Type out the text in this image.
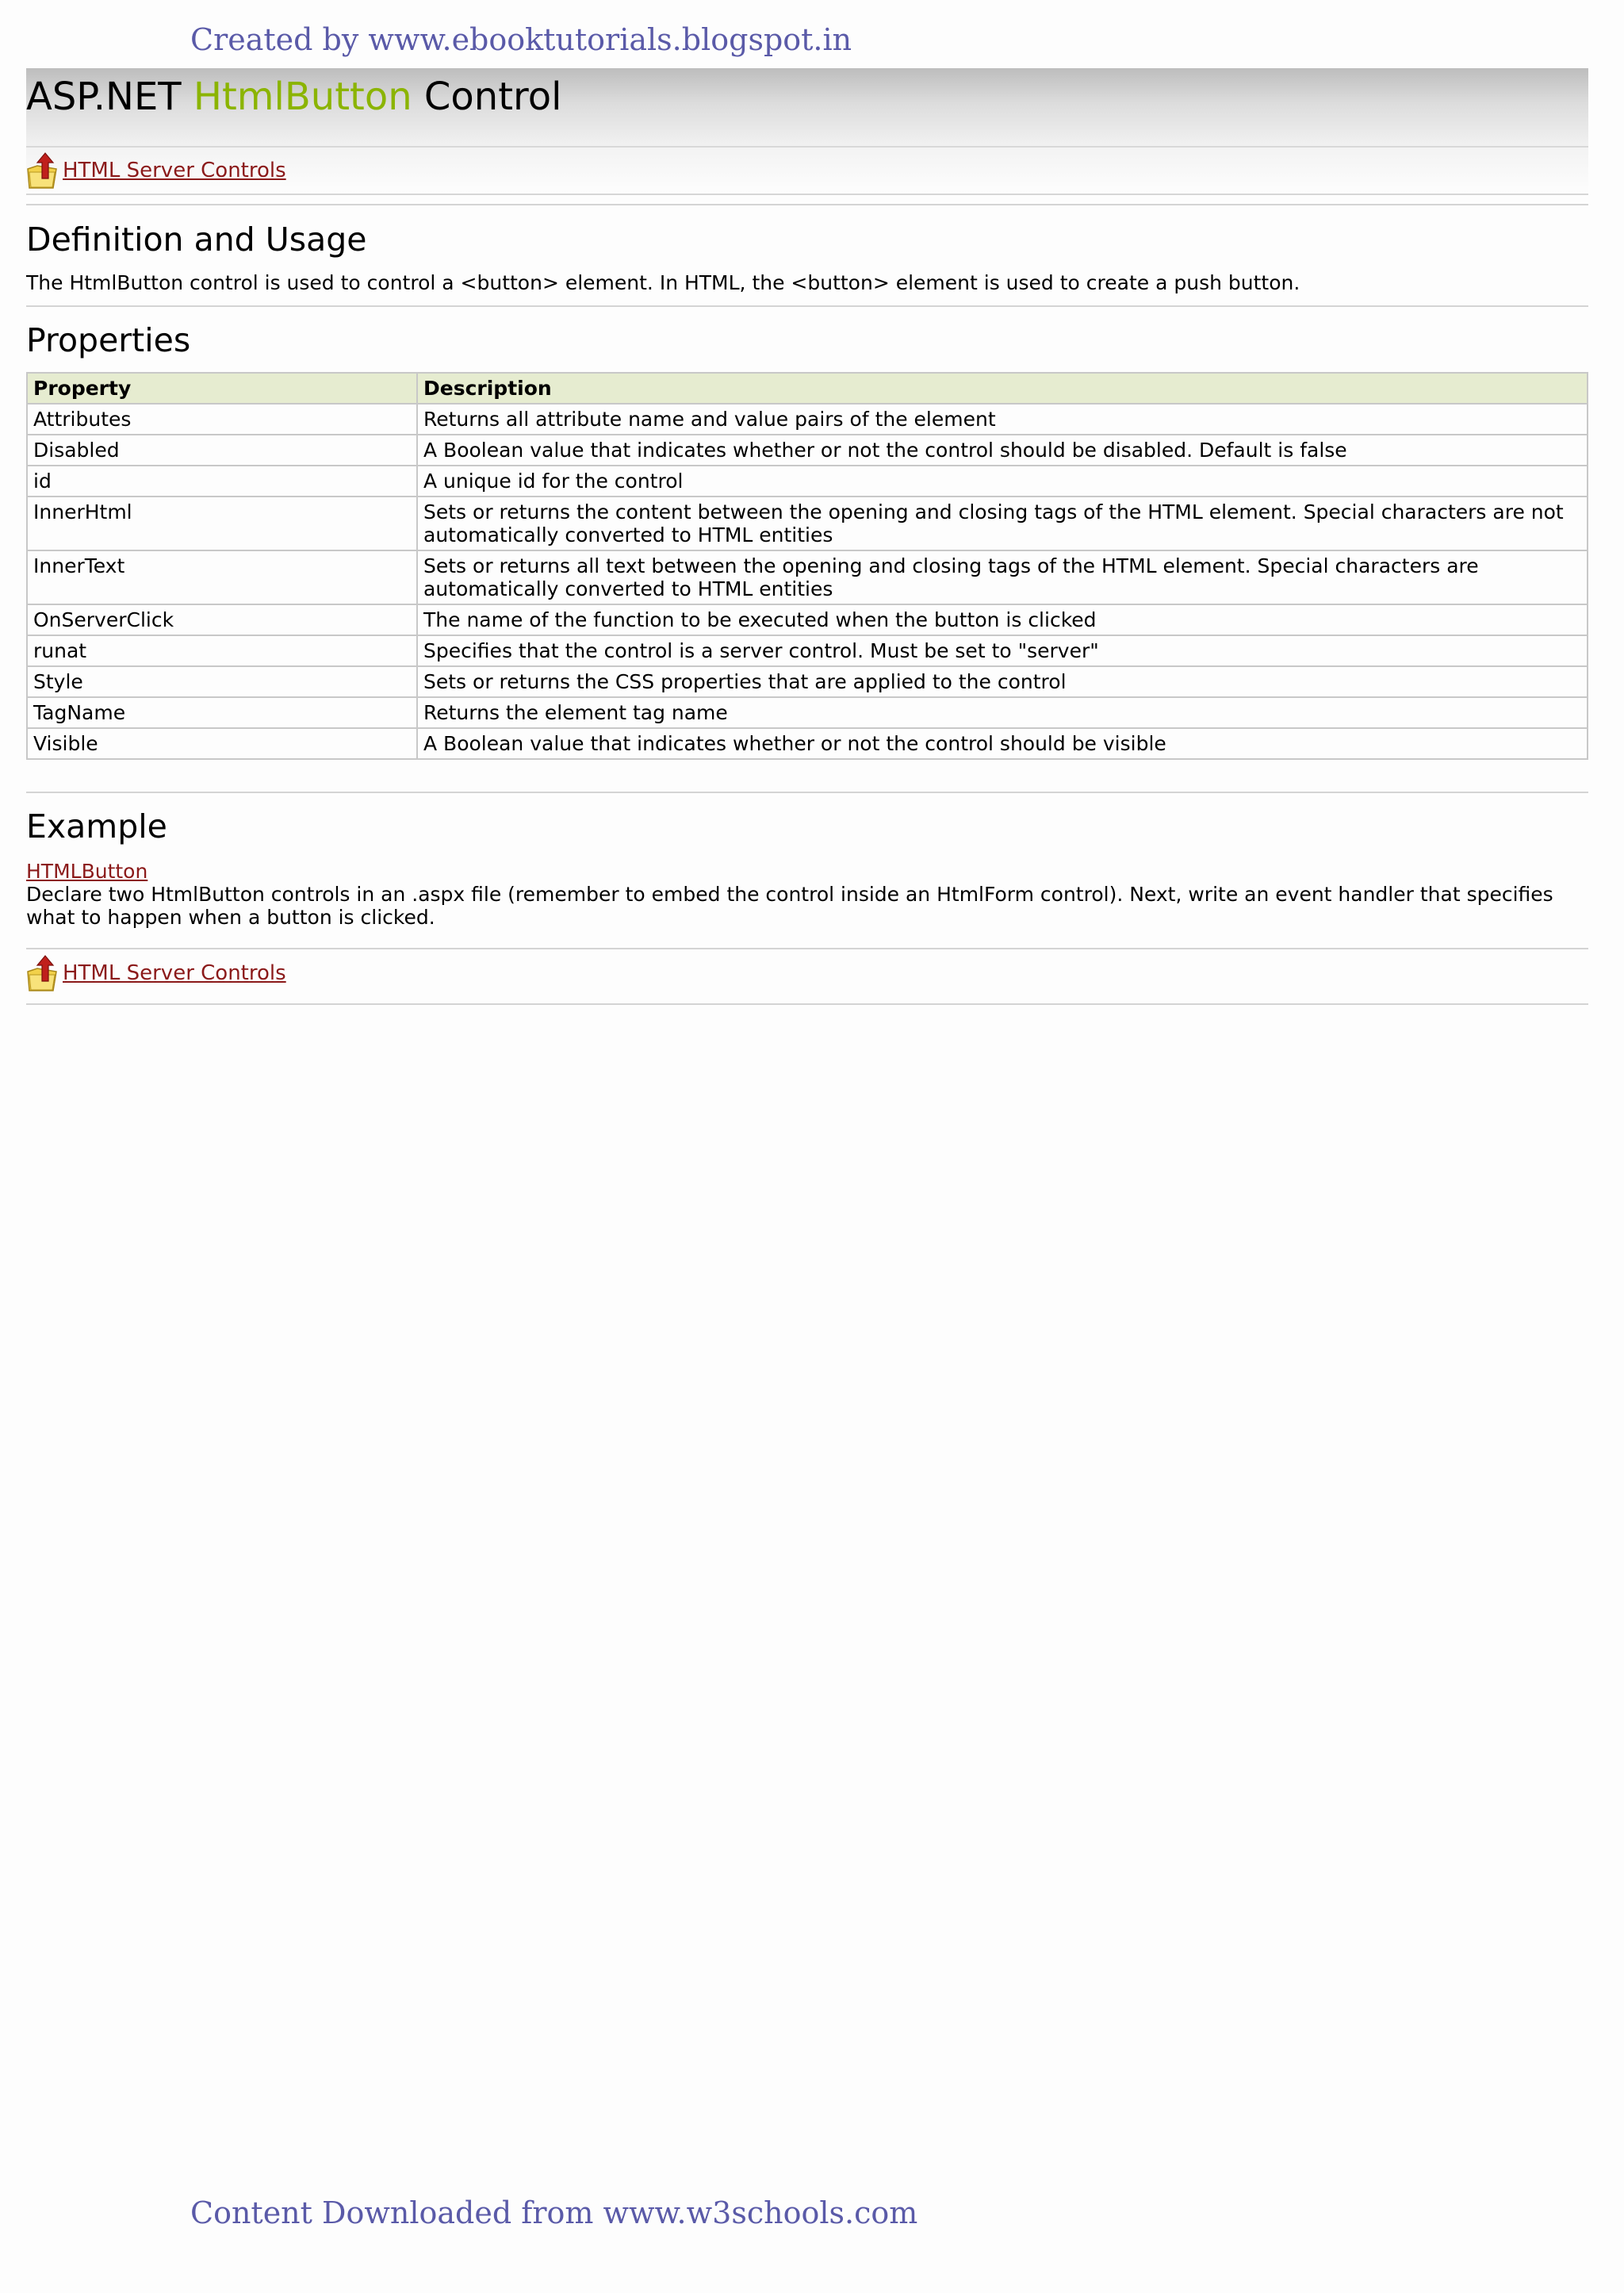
Created by www.ebooktutorials.blogspot.in
ASP.NET HtmlButton Control
HTML Server Controls
Definition and Usage

The HtmlButton control is used to control a <button> element. In HTML, the <button> element is used to create a push button.

Properties
Property	Description
Attributes	Returns all attribute name and value pairs of the element
Disabled	A Boolean value that indicates whether or not the control should be disabled. Default is false
id	A unique id for the control
InnerHtml	Sets or returns the content between the opening and closing tags of the HTML element. Special characters are not automatically converted to HTML entities
InnerText	Sets or returns all text between the opening and closing tags of the HTML element. Special characters are automatically converted to HTML entities
OnServerClick	The name of the function to be executed when the button is clicked
runat	Specifies that the control is a server control. Must be set to "server"
Style	Sets or returns the CSS properties that are applied to the control
TagName	Returns the element tag name
Visible	A Boolean value that indicates whether or not the control should be visible
Example
HTMLButton

Declare two HtmlButton controls in an .aspx file (remember to embed the control inside an HtmlForm control). Next, write an event handler that specifies what to happen when a button is clicked.

HTML Server Controls
Content Downloaded from www.w3schools.com
